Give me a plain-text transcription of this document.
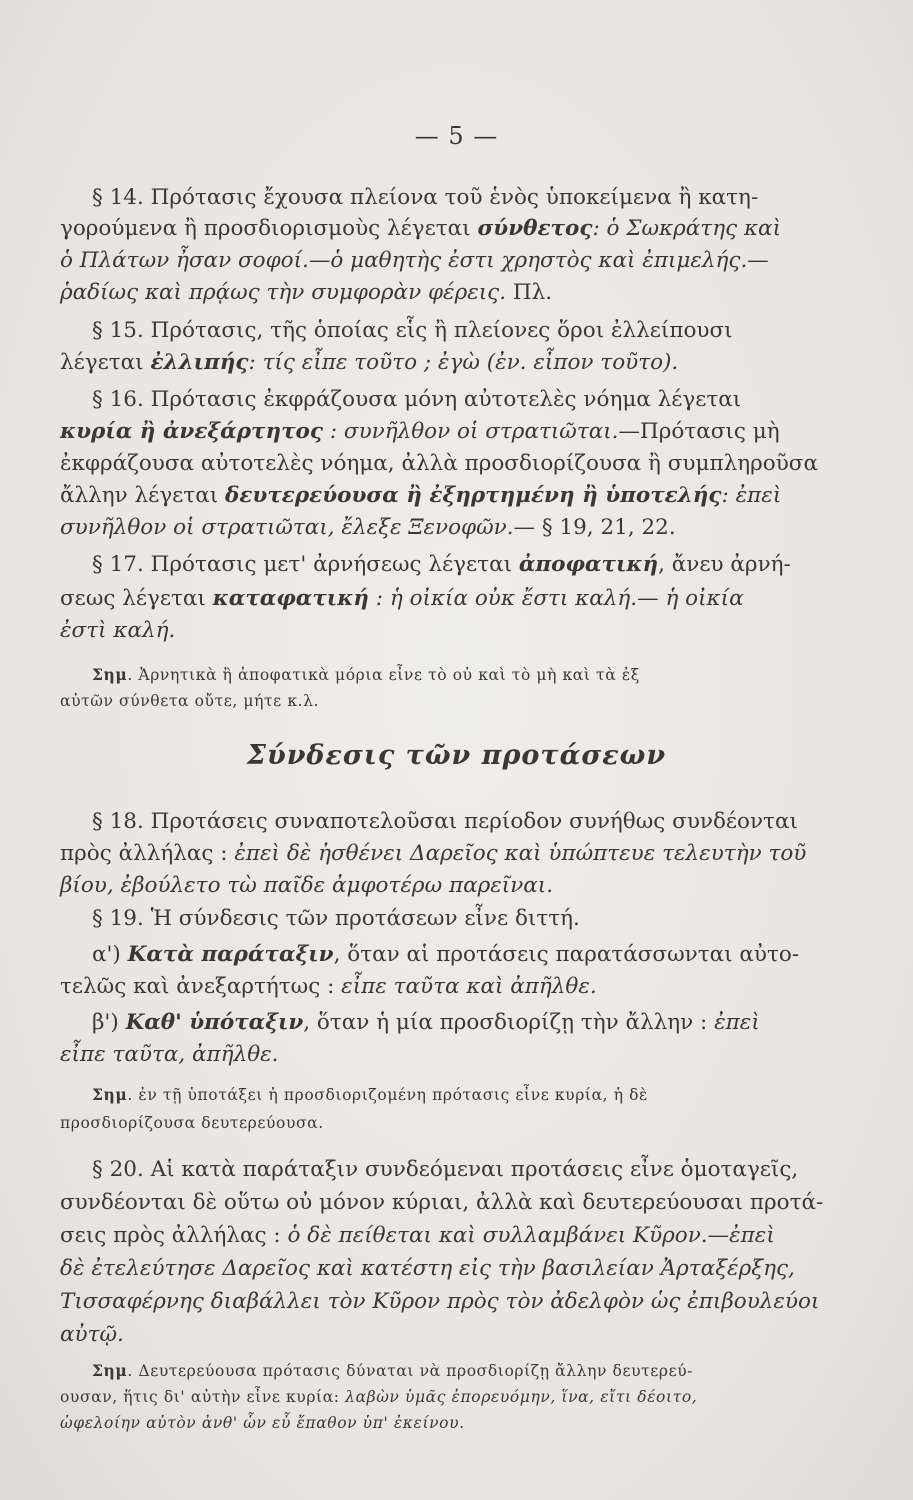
— 5 —
§ 14. Πρότασις ἔχουσα πλείονα τοῦ ἑνὸς ὑποκείμενα ἢ κατη-
γορούμενα ἢ προσδιορισμοὺς λέγεται σύνθετος: ὁ Σωκράτης καὶ
ὁ Πλάτων ἦσαν σοφοί.—ὁ μαθητὴς ἐστι χρηστὸς καὶ ἐπιμελής.—
ῥαδίως καὶ πρᾴως τὴν συμφορὰν φέρεις. Πλ.
§ 15. Πρότασις, τῆς ὁποίας εἷς ἢ πλείονες ὅροι ἐλλείπουσι
λέγεται ἐλλιπής: τίς εἶπε τοῦτο ; ἐγὼ (ἐν. εἶπον τοῦτο).
§ 16. Πρότασις ἐκφράζουσα μόνη αὐτοτελὲς νόημα λέγεται
κυρία ἢ ἀνεξάρτητος : συνῆλθον οἱ στρατιῶται.—Πρότασις μὴ
ἐκφράζουσα αὐτοτελὲς νόημα, ἀλλὰ προσδιορίζουσα ἢ συμπληροῦσα
ἄλλην λέγεται δευτερεύουσα ἢ ἐξηρτημένη ἢ ὑποτελής: ἐπεὶ
συνῆλθον οἱ στρατιῶται, ἔλεξε Ξενοφῶν.— § 19, 21, 22.
§ 17. Πρότασις μετ' ἀρνήσεως λέγεται ἀποφατική, ἄνευ ἀρνή-
σεως λέγεται καταφατική : ἡ οἰκία οὐκ ἔστι καλή.— ἡ οἰκία
ἐστὶ καλή.
Σημ. Ἀρνητικὰ ἢ ἀποφατικὰ μόρια εἶνε τὸ οὐ καὶ τὸ μὴ καὶ τὰ ἐξ
αὐτῶν σύνθετα οὔτε, μήτε κ.λ.
Σύνδεσις τῶν προτάσεων
§ 18. Προτάσεις συναποτελοῦσαι περίοδον συνήθως συνδέονται
πρὸς ἀλλήλας : ἐπεὶ δὲ ἠσθένει Δαρεῖος καὶ ὑπώπτευε τελευτὴν τοῦ
βίου, ἐβούλετο τὼ παῖδε ἀμφοτέρω παρεῖναι.
§ 19. Ἡ σύνδεσις τῶν προτάσεων εἶνε διττή.
α') Κατὰ παράταξιν, ὅταν αἱ προτάσεις παρατάσσωνται αὐτο-
τελῶς καὶ ἀνεξαρτήτως : εἶπε ταῦτα καὶ ἀπῆλθε.
β') Καθ' ὑπόταξιν, ὅταν ἡ μία προσδιορίζῃ τὴν ἄλλην : ἐπεὶ
εἶπε ταῦτα, ἀπῆλθε.
Σημ. ἐν τῇ ὑποτάξει ἡ προσδιοριζομένη πρότασις εἶνε κυρία, ἡ δὲ
προσδιορίζουσα δευτερεύουσα.
§ 20. Αἱ κατὰ παράταξιν συνδεόμεναι προτάσεις εἶνε ὁμοταγεῖς,
συνδέονται δὲ οὕτω οὐ μόνον κύριαι, ἀλλὰ καὶ δευτερεύουσαι προτά-
σεις πρὸς ἀλλήλας : ὁ δὲ πείθεται καὶ συλλαμβάνει Κῦρον.—ἐπεὶ
δὲ ἐτελεύτησε Δαρεῖος καὶ κατέστη εἰς τὴν βασιλείαν Ἀρταξέρξης,
Τισσαφέρνης διαβάλλει τὸν Κῦρον πρὸς τὸν ἀδελφὸν ὡς ἐπιβουλεύοι
αὐτῷ.
Σημ. Δευτερεύουσα πρότασις δύναται νὰ προσδιορίζῃ ἄλλην δευτερεύ-
ουσαν, ἥτις δι' αὐτὴν εἶνε κυρία: λαβὼν ὑμᾶς ἐπορευόμην, ἵνα, εἴτι δέοιτο,
ὠφελοίην αὐτὸν ἀνθ' ὧν εὖ ἔπαθον ὑπ' ἐκείνου.
